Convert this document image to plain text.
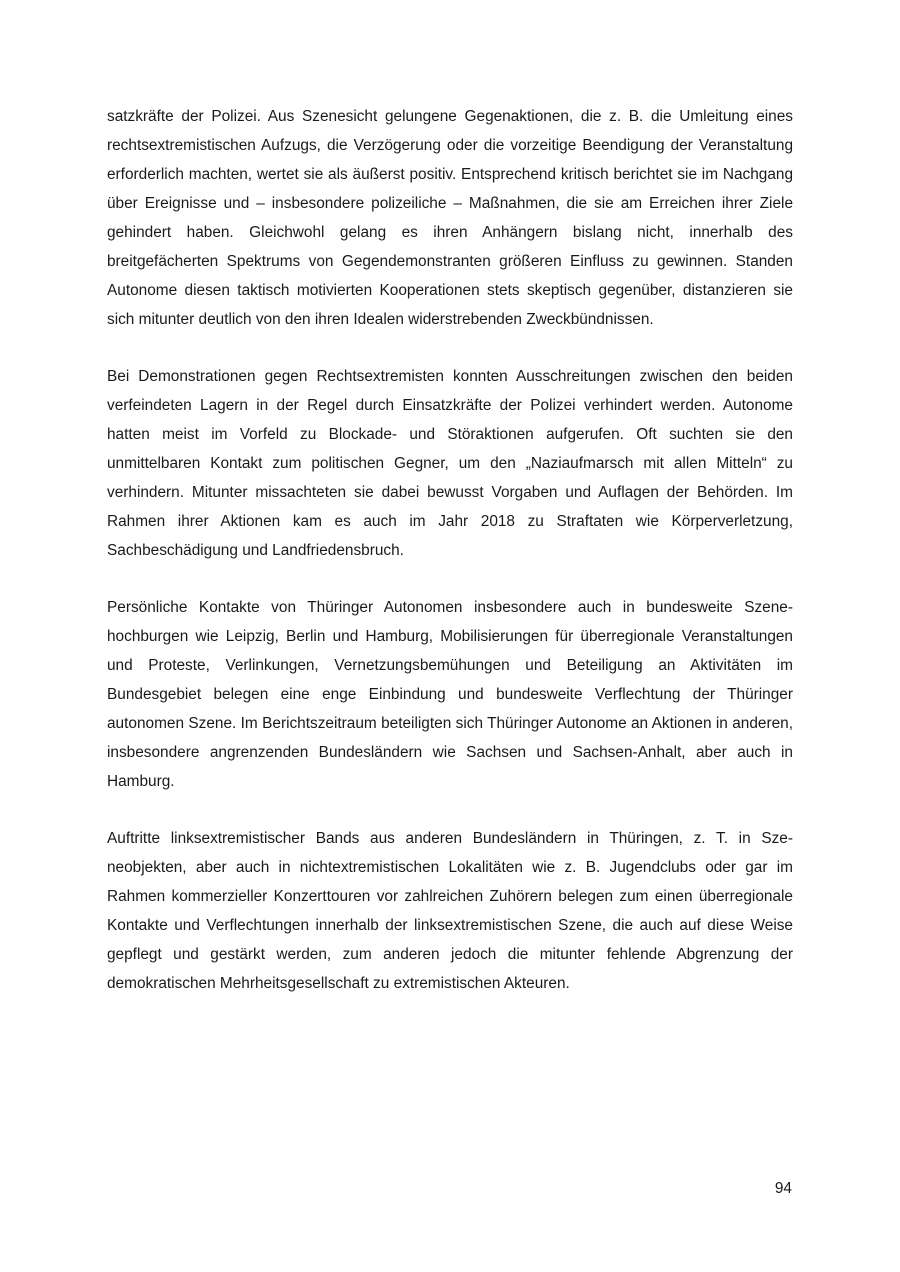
satzkräfte der Polizei. Aus Szenesicht gelungene Gegenaktionen, die z. B. die Umleitung eines rechtsextremistischen Aufzugs, die Verzögerung oder die vorzeitige Beendigung der Veranstaltung erforderlich machten, wertet sie als äußerst positiv. Entsprechend kritisch berichtet sie im Nachgang über Ereignisse und – insbesondere polizeiliche – Maßnahmen, die sie am Erreichen ihrer Ziele gehindert haben. Gleichwohl gelang es ihren Anhängern bislang nicht, innerhalb des breitgefächerten Spektrums von Gegendemonstranten größeren Einfluss zu gewinnen. Standen Autonome diesen taktisch motivierten Kooperationen stets skeptisch gegenüber, distanzieren sie sich mitunter deutlich von den ihren Idealen widerstrebenden Zweckbündnissen.

Bei Demonstrationen gegen Rechtsextremisten konnten Ausschreitungen zwischen den beiden verfeindeten Lagern in der Regel durch Einsatzkräfte der Polizei verhindert werden. Autonome hatten meist im Vorfeld zu Blockade- und Störaktionen aufgerufen. Oft suchten sie den unmittelbaren Kontakt zum politischen Gegner, um den „Naziaufmarsch mit allen Mitteln“ zu verhindern. Mitunter missachteten sie dabei bewusst Vorgaben und Auflagen der Behörden. Im Rahmen ihrer Aktionen kam es auch im Jahr 2018 zu Straftaten wie Körperverletzung, Sachbeschädigung und Landfriedensbruch.

Persönliche Kontakte von Thüringer Autonomen insbesondere auch in bundesweite Szenehochburgen wie Leipzig, Berlin und Hamburg, Mobilisierungen für überregionale Veranstaltungen und Proteste, Verlinkungen, Vernetzungsbemühungen und Beteiligung an Aktivitäten im Bundesgebiet belegen eine enge Einbindung und bundesweite Verflechtung der Thüringer autonomen Szene. Im Berichtszeitraum beteiligten sich Thüringer Autonome an Aktionen in anderen, insbesondere angrenzenden Bundesländern wie Sachsen und Sachsen-Anhalt, aber auch in Hamburg.

Auftritte linksextremistischer Bands aus anderen Bundesländern in Thüringen, z. T. in Szeneobjekten, aber auch in nichtextremistischen Lokalitäten wie z. B. Jugendclubs oder gar im Rahmen kommerzieller Konzerttouren vor zahlreichen Zuhörern belegen zum einen überregionale Kontakte und Verflechtungen innerhalb der linksextremistischen Szene, die auch auf diese Weise gepflegt und gestärkt werden, zum anderen jedoch die mitunter fehlende Abgrenzung der demokratischen Mehrheitsgesellschaft zu extremistischen Akteuren.

94
